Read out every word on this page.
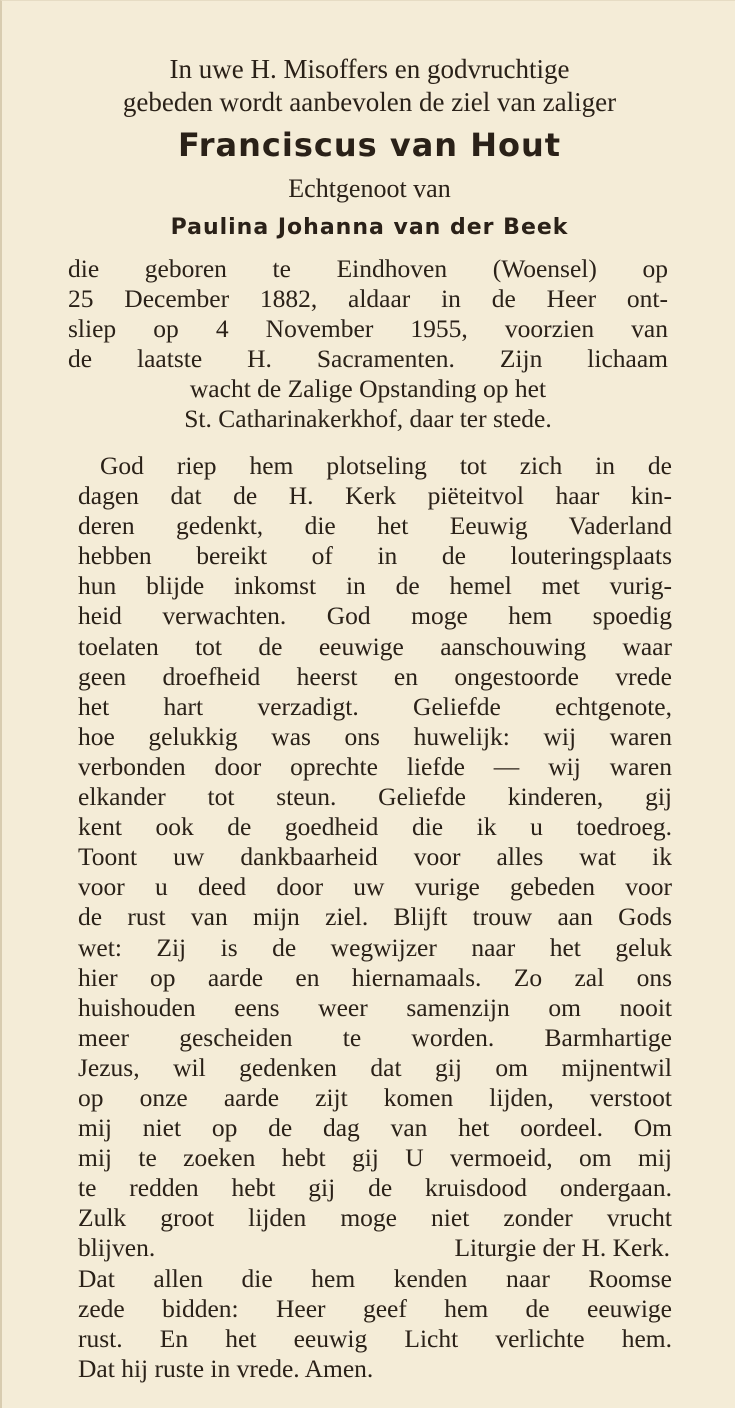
In uwe H. Misoffers en godvruchtige
gebeden wordt aanbevolen de ziel van zaliger
Franciscus van Hout
Echtgenoot van
Paulina Johanna van der Beek
die geboren te Eindhoven (Woensel) op
25 December 1882, aldaar in de Heer ont-
sliep op 4 November 1955, voorzien van
de laatste H. Sacramenten. Zijn lichaam
wacht de Zalige Opstanding op het
St. Catharinakerkhof, daar ter stede.
God riep hem plotseling tot zich in de
dagen dat de H. Kerk piëteitvol haar kin-
deren gedenkt, die het Eeuwig Vaderland
hebben bereikt of in de louteringsplaats
hun blijde inkomst in de hemel met vurig-
heid verwachten. God moge hem spoedig
toelaten tot de eeuwige aanschouwing waar
geen droefheid heerst en ongestoorde vrede
het hart verzadigt. Geliefde echtgenote,
hoe gelukkig was ons huwelijk: wij waren
verbonden door oprechte liefde — wij waren
elkander tot steun. Geliefde kinderen, gij
kent ook de goedheid die ik u toedroeg.
Toont uw dankbaarheid voor alles wat ik
voor u deed door uw vurige gebeden voor
de rust van mijn ziel. Blijft trouw aan Gods
wet: Zij is de wegwijzer naar het geluk
hier op aarde en hiernamaals. Zo zal ons
huishouden eens weer samenzijn om nooit
meer gescheiden te worden. Barmhartige
Jezus, wil gedenken dat gij om mijnentwil
op onze aarde zijt komen lijden, verstoot
mij niet op de dag van het oordeel. Om
mij te zoeken hebt gij U vermoeid, om mij
te redden hebt gij de kruisdood ondergaan.
Zulk groot lijden moge niet zonder vrucht
blijven.	Liturgie der H. Kerk.
Dat allen die hem kenden naar Roomse
zede bidden: Heer geef hem de eeuwige
rust. En het eeuwig Licht verlichte hem.
Dat hij ruste in vrede. Amen.
